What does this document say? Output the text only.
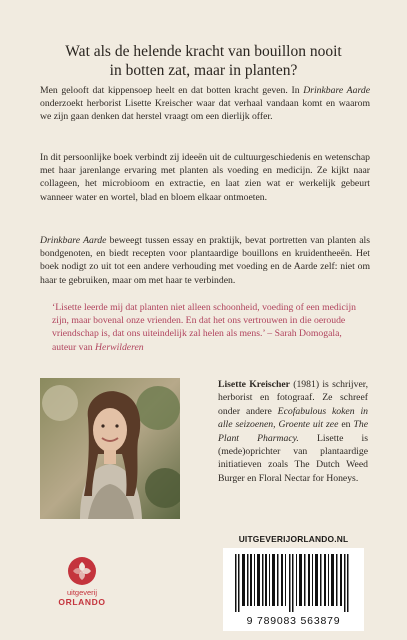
Wat als de helende kracht van bouillon nooit
in botten zat, maar in planten?
Men gelooft dat kippensoep heelt en dat botten kracht geven. In Drinkbare Aarde onderzoekt herborist Lisette Kreischer waar dat verhaal vandaan komt en waarom we zijn gaan denken dat herstel vraagt om een dierlijk offer.
In dit persoonlijke boek verbindt zij ideeën uit de cultuurgeschiedenis en wetenschap met haar jarenlange ervaring met planten als voeding en medicijn. Ze kijkt naar collageen, het microbioom en extractie, en laat zien wat er werkelijk gebeurt wanneer water en wortel, blad en bloem elkaar ontmoeten.
Drinkbare Aarde beweegt tussen essay en praktijk, bevat portretten van planten als bondgenoten, en biedt recepten voor plantaardige bouillons en kruidentheeën. Het boek nodigt zo uit tot een andere verhouding met voeding en de Aarde zelf: niet om haar te gebruiken, maar om met haar te verbinden.
‘Lisette leerde mij dat planten niet alleen schoonheid, voeding of een medicijn zijn, maar bovenal onze vrienden. En dat het ons vertrouwen in die oeroude vriendschap is, dat ons uiteindelijk zal helen als mens.’ – Sarah Domogala, auteur van Herwilderen
Lisette Kreischer (1981) is schrijver, herborist en fotograaf. Ze schreef onder andere Ecofabulous koken in alle seizoenen, Groente uit zee en The Plant Pharmacy. Lisette is (mede)oprichter van plantaardige initiatieven zoals The Dutch Weed Burger en Floral Nectar for Honeys.
uitgeverij
ORLANDO
UITGEVERIJORLANDO.NL
9 789083 563879
